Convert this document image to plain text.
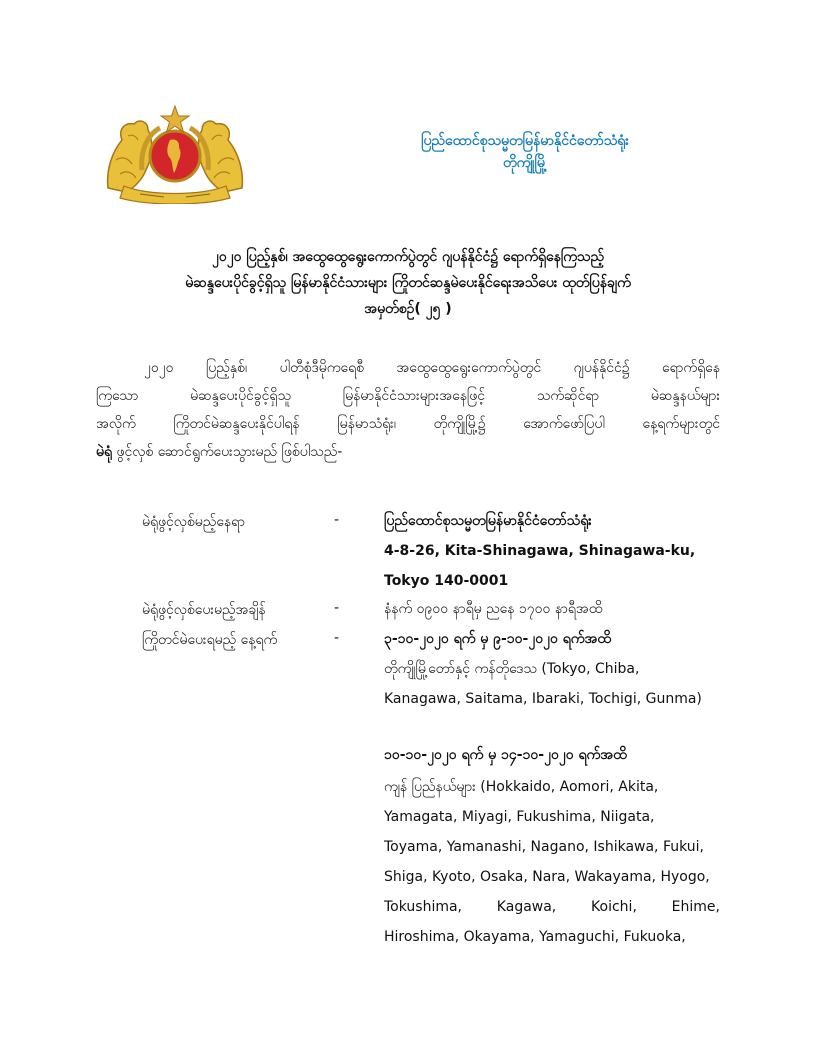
ပြည်ထောင်စုသမ္မတမြန်မာနိုင်ငံတော်သံရုံး
တိုကျိုမြို့
၂၀၂၀ ပြည့်နှစ်၊ အထွေထွေရွေးကောက်ပွဲတွင် ဂျပန်နိုင်ငံ၌ ရောက်ရှိနေကြသည့်
မဲဆန္ဒပေးပိုင်ခွင့်ရှိသူ မြန်မာနိုင်ငံသားများ ကြိုတင်ဆန္ဒမဲပေးနိုင်ရေးအသိပေး ထုတ်ပြန်ချက်
အမှတ်စဉ်( ၂၅ )
၂၀၂၀ ပြည့်နှစ်၊ ပါတီစုံဒီမိုကရေစီ အထွေထွေရွေးကောက်ပွဲတွင် ဂျပန်နိုင်ငံ၌ ရောက်ရှိနေ
ကြသော မဲဆန္ဒပေးပိုင်ခွင့်ရှိသူ မြန်မာနိုင်ငံသားများအနေဖြင့် သက်ဆိုင်ရာ မဲဆန္ဒနယ်များ
အလိုက် ကြိုတင်မဲဆန္ဒပေးနိုင်ပါရန် မြန်မာသံရုံး၊ တိုကျိုမြို့၌ အောက်ဖော်ပြပါ နေ့ရက်များတွင်
မဲရုံ ဖွင့်လှစ် ဆောင်ရွက်ပေးသွားမည် ဖြစ်ပါသည်-
မဲရုံဖွင့်လှစ်မည့်နေရာ	-	ပြည်ထောင်စုသမ္မတမြန်မာနိုင်ငံတော်သံရုံး
4-8-26, Kita-Shinagawa, Shinagawa-ku,
Tokyo 140-0001
မဲရုံဖွင့်လှစ်ပေးမည့်အချိန်	-	နံနက် ၀၉၀၀ နာရီမှ ညနေ ၁၇၀၀ နာရီအထိ
ကြိုတင်မဲပေးရမည့် နေ့ရက်	-	၃-၁၀-၂၀၂၀ ရက် မှ ၉-၁၀-၂၀၂၀ ရက်အထိ
တိုကျိုမြို့တော်နှင့် ကန်တိုဒေသ (Tokyo, Chiba,
Kanagawa, Saitama, Ibaraki, Tochigi, Gunma)
၁၀-၁၀-၂၀၂၀ ရက် မှ ၁၄-၁၀-၂၀၂၀ ရက်အထိ
ကျန် ပြည်နယ်များ (Hokkaido, Aomori, Akita,
Yamagata, Miyagi, Fukushima, Niigata,
Toyama, Yamanashi, Nagano, Ishikawa, Fukui,
Shiga, Kyoto, Osaka, Nara, Wakayama, Hyogo,
Tokushima, Kagawa, Koichi, Ehime,
Hiroshima, Okayama, Yamaguchi, Fukuoka,
